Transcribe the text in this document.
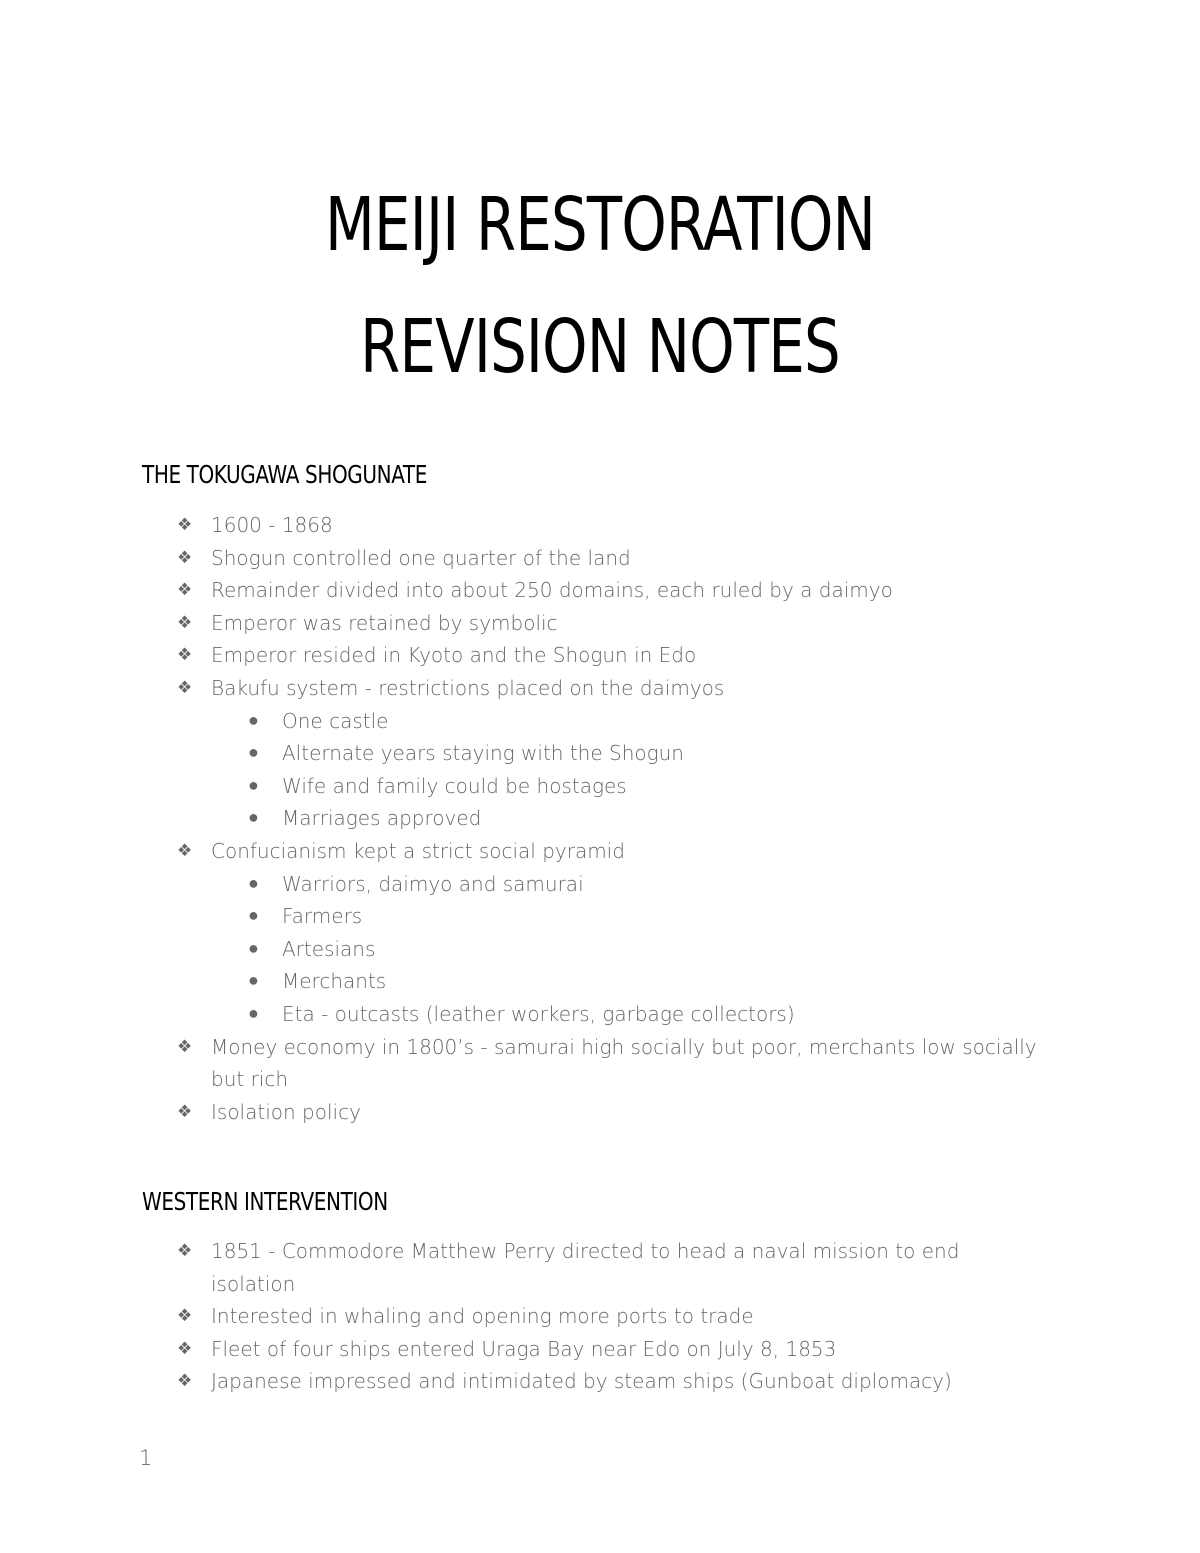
MEIJI RESTORATION
REVISION NOTES
THE TOKUGAWA SHOGUNATE
❖ 1600 - 1868
❖ Shogun controlled one quarter of the land
❖ Remainder divided into about 250 domains, each ruled by a daimyo
❖ Emperor was retained by symbolic
❖ Emperor resided in Kyoto and the Shogun in Edo
❖ Bakufu system - restrictions placed on the daimyos
● One castle
● Alternate years staying with the Shogun
● Wife and family could be hostages
● Marriages approved
❖ Confucianism kept a strict social pyramid
● Warriors, daimyo and samurai
● Farmers
● Artesians
● Merchants
● Eta - outcasts (leather workers, garbage collectors)
❖ Money economy in 1800’s - samurai high socially but poor, merchants low socially but rich
❖ Isolation policy
WESTERN INTERVENTION
❖ 1851 - Commodore Matthew Perry directed to head a naval mission to end isolation
❖ Interested in whaling and opening more ports to trade
❖ Fleet of four ships entered Uraga Bay near Edo on July 8, 1853
❖ Japanese impressed and intimidated by steam ships (Gunboat diplomacy)
1
